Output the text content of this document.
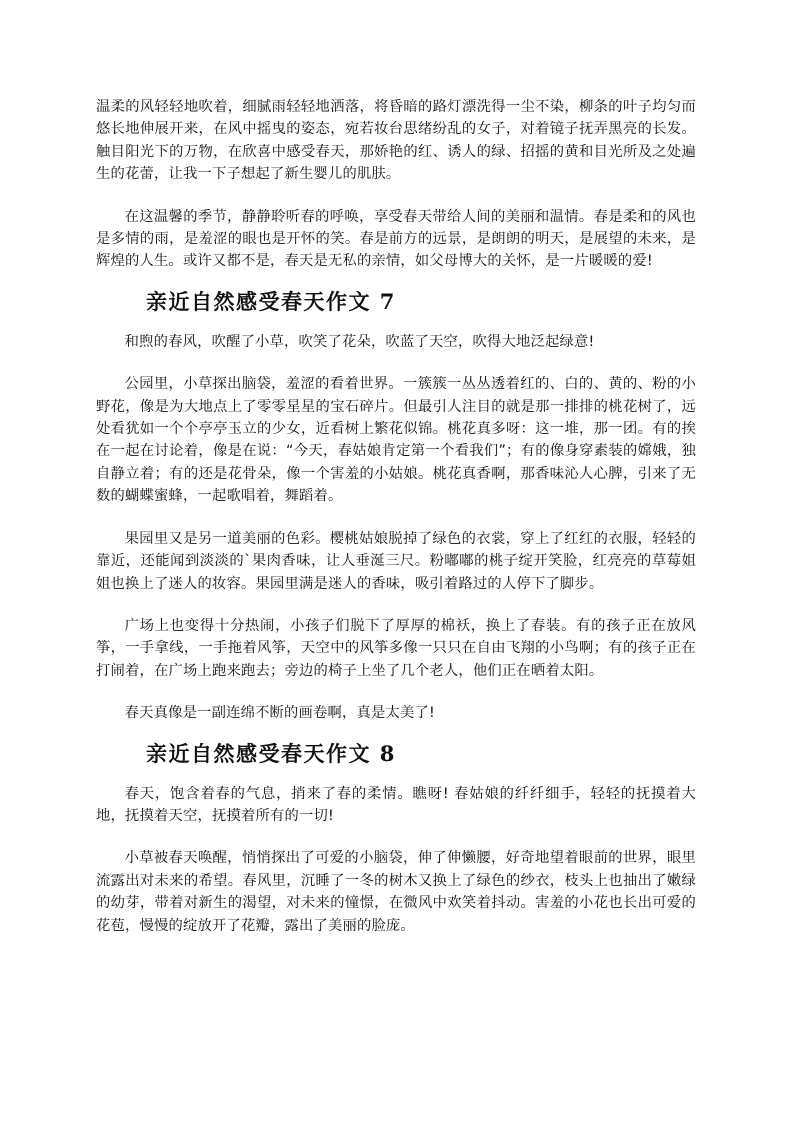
温柔的风轻轻地吹着，细腻雨轻轻地洒落，将昏暗的路灯漂洗得一尘不染，柳条的叶子均匀而悠长地伸展开来，在风中摇曳的姿态，宛若妆台思绪纷乱的女子，对着镜子抚弄黑亮的长发。触目阳光下的万物，在欣喜中感受春天，那娇艳的红、诱人的绿、招摇的黄和目光所及之处遍生的花蕾，让我一下子想起了新生婴儿的肌肤。

在这温馨的季节，静静聆听春的呼唤，享受春天带给人间的美丽和温情。春是柔和的风也是多情的雨，是羞涩的眼也是开怀的笑。春是前方的远景，是朗朗的明天，是展望的未来，是辉煌的人生。或许又都不是，春天是无私的亲情，如父母博大的关怀，是一片暖暖的爱!

亲近自然感受春天作文 7

和煦的春风，吹醒了小草，吹笑了花朵，吹蓝了天空，吹得大地泛起绿意!

公园里，小草探出脑袋，羞涩的看着世界。一簇簇一丛丛透着红的、白的、黄的、粉的小野花，像是为大地点上了零零星星的宝石碎片。但最引人注目的就是那一排排的桃花树了，远处看犹如一个个亭亭玉立的少女，近看树上繁花似锦。桃花真多呀：这一堆，那一团。有的挨在一起在讨论着，像是在说：“今天，春姑娘肯定第一个看我们”；有的像身穿素装的嫦娥，独自静立着；有的还是花骨朵，像一个害羞的小姑娘。桃花真香啊，那香味沁人心脾，引来了无数的蝴蝶蜜蜂，一起歌唱着，舞蹈着。

果园里又是另一道美丽的色彩。樱桃姑娘脱掉了绿色的衣裳，穿上了红红的衣服，轻轻的靠近，还能闻到淡淡的`果肉香味，让人垂涎三尺。粉嘟嘟的桃子绽开笑脸，红亮亮的草莓姐姐也换上了迷人的妆容。果园里满是迷人的香味，吸引着路过的人停下了脚步。

广场上也变得十分热闹，小孩子们脱下了厚厚的棉袄，换上了春装。有的孩子正在放风筝，一手拿线，一手拖着风筝，天空中的风筝多像一只只在自由飞翔的小鸟啊；有的孩子正在打闹着，在广场上跑来跑去；旁边的椅子上坐了几个老人，他们正在晒着太阳。

春天真像是一副连绵不断的画卷啊，真是太美了!

亲近自然感受春天作文 8

春天，饱含着春的气息，捎来了春的柔情。瞧呀! 春姑娘的纤纤细手，轻轻的抚摸着大地，抚摸着天空，抚摸着所有的一切!

小草被春天唤醒，悄悄探出了可爱的小脑袋，伸了伸懒腰，好奇地望着眼前的世界，眼里流露出对未来的希望。春风里，沉睡了一冬的树木又换上了绿色的纱衣，枝头上也抽出了嫩绿的幼芽，带着对新生的渴望，对未来的憧憬，在微风中欢笑着抖动。害羞的小花也长出可爱的花苞，慢慢的绽放开了花瓣，露出了美丽的脸庞。
